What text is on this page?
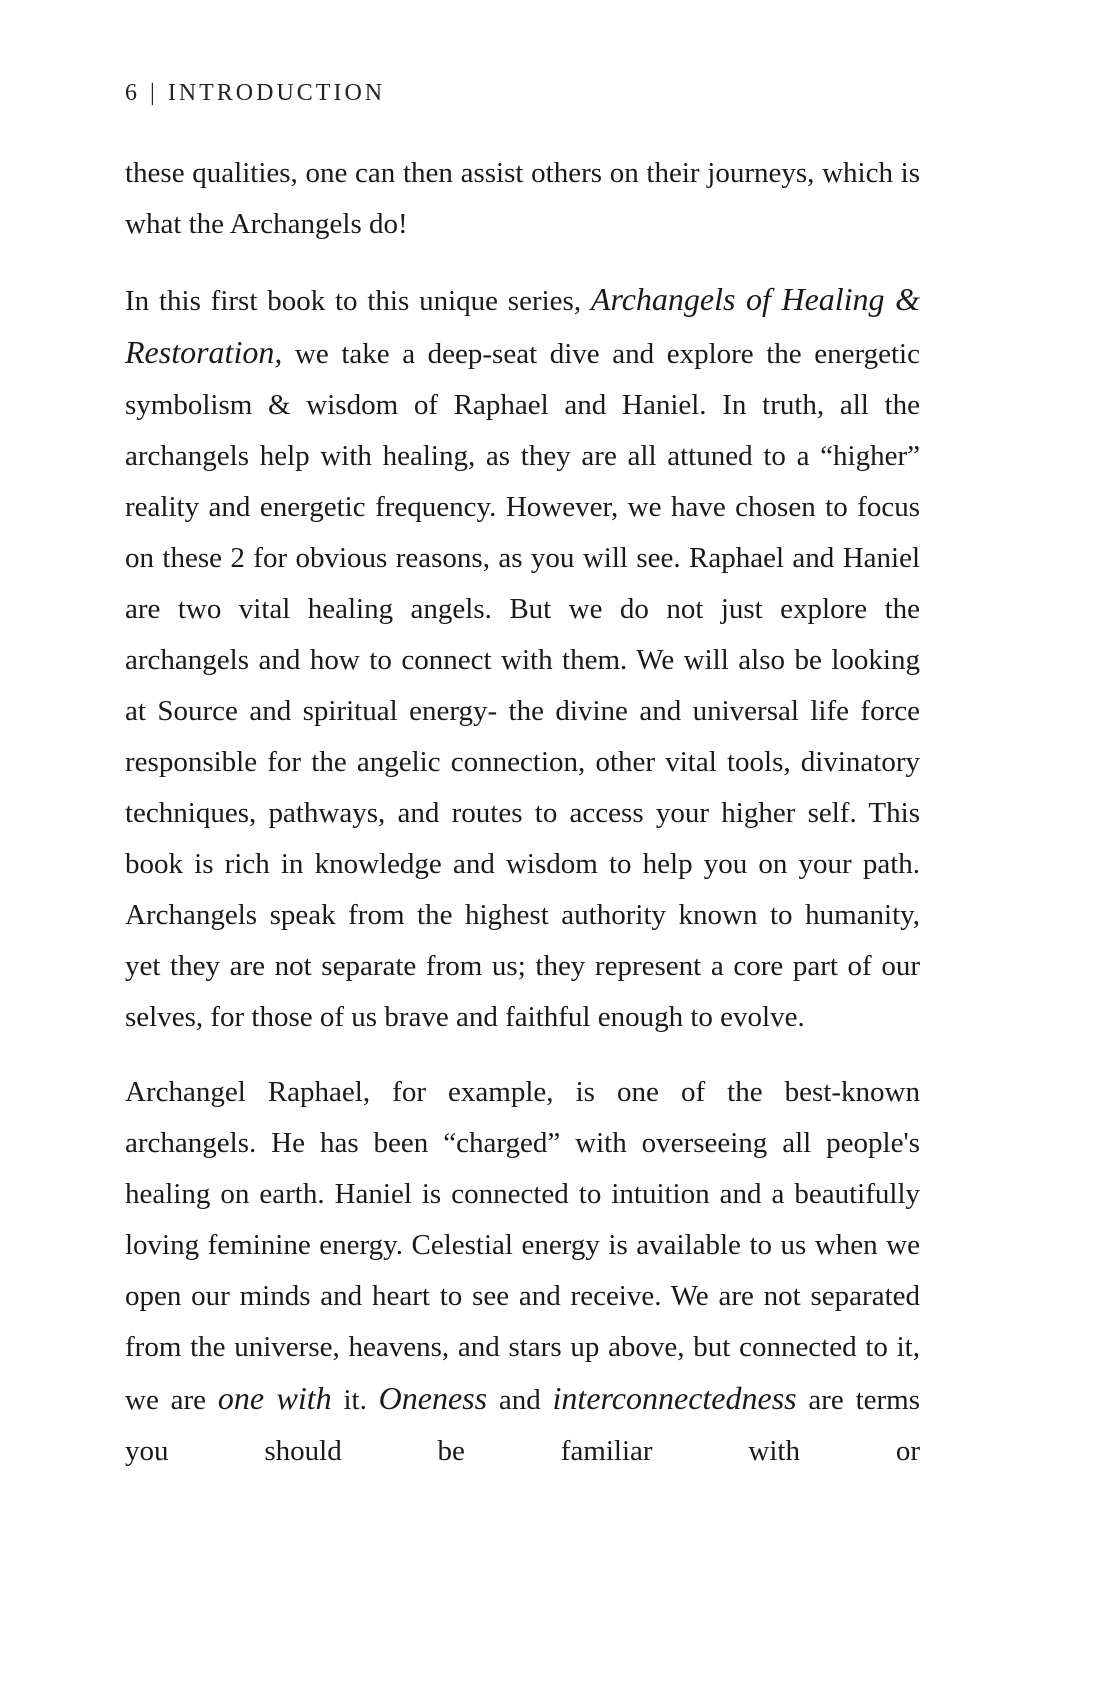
6 | INTRODUCTION

these qualities, one can then assist others on their journeys, which is what the Archangels do!

In this first book to this unique series, Archangels of Healing & Restoration, we take a deep-seat dive and explore the energetic symbolism & wisdom of Raphael and Haniel. In truth, all the archangels help with healing, as they are all attuned to a “higher” reality and energetic frequency. However, we have chosen to focus on these 2 for obvious reasons, as you will see. Raphael and Haniel are two vital healing angels. But we do not just explore the archangels and how to connect with them. We will also be looking at Source and spiritual energy- the divine and universal life force responsible for the angelic connection, other vital tools, divinatory techniques, pathways, and routes to access your higher self. This book is rich in knowledge and wisdom to help you on your path. Archangels speak from the highest authority known to humanity, yet they are not separate from us; they represent a core part of our selves, for those of us brave and faithful enough to evolve.

Archangel Raphael, for example, is one of the best-known archangels. He has been “charged” with overseeing all people's healing on earth. Haniel is connected to intuition and a beautifully loving feminine energy. Celestial energy is available to us when we open our minds and heart to see and receive. We are not separated from the universe, heavens, and stars up above, but connected to it, we are one with it. Oneness and interconnectedness are terms you should be familiar with or
